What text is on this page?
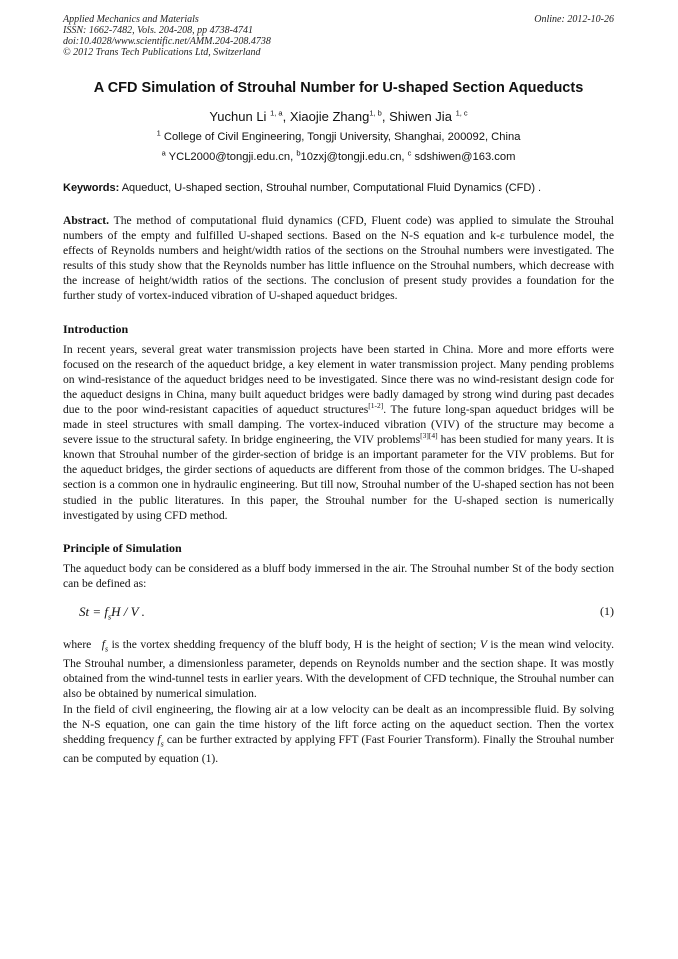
Applied Mechanics and Materials
ISSN: 1662-7482, Vols. 204-208, pp 4738-4741
doi:10.4028/www.scientific.net/AMM.204-208.4738
© 2012 Trans Tech Publications Ltd, Switzerland
Online: 2012-10-26
A CFD Simulation of Strouhal Number for U-shaped Section Aqueducts
Yuchun Li $^{1, a}$, Xiaojie Zhang$^{1, b}$, Shiwen Jia $^{1, c}$
$^1$ College of Civil Engineering, Tongji University, Shanghai, 200092, China
$^a$ YCL2000@tongji.edu.cn, $^b$10zxj@tongji.edu.cn, $^c$ sdshiwen@163.com
Keywords: Aqueduct, U-shaped section, Strouhal number, Computational Fluid Dynamics (CFD) .
Abstract. The method of computational fluid dynamics (CFD, Fluent code) was applied to simulate the Strouhal numbers of the empty and fulfilled U-shaped sections. Based on the N-S equation and k-ε turbulence model, the effects of Reynolds numbers and height/width ratios of the sections on the Strouhal numbers were investigated. The results of this study show that the Reynolds number has little influence on the Strouhal numbers, which decrease with the increase of height/width ratios of the sections. The conclusion of present study provides a foundation for the further study of vortex-induced vibration of U-shaped aqueduct bridges.
Introduction
In recent years, several great water transmission projects have been started in China. More and more efforts were focused on the research of the aqueduct bridge, a key element in water transmission project. Many pending problems on wind-resistance of the aqueduct bridges need to be investigated. Since there was no wind-resistant design code for the aqueduct designs in China, many built aqueduct bridges were badly damaged by strong wind during past decades due to the poor wind-resistant capacities of aqueduct structures[1-2]. The future long-span aqueduct bridges will be made in steel structures with small damping. The vortex-induced vibration (VIV) of the structure may become a severe issue to the structural safety. In bridge engineering, the VIV problems[3][4] has been studied for many years. It is known that Strouhal number of the girder-section of bridge is an important parameter for the VIV problems. But for the aqueduct bridges, the girder sections of aqueducts are different from those of the common bridges. The U-shaped section is a common one in hydraulic engineering. But till now, Strouhal number of the U-shaped section has not been studied in the public literatures. In this paper, the Strouhal number for the U-shaped section is numerically investigated by using CFD method.
Principle of Simulation
The aqueduct body can be considered as a bluff body immersed in the air. The Strouhal number St of the body section can be defined as:
$St = f_sH / V$ .	(1)
where   $f_s$ is the vortex shedding frequency of the bluff body, H is the height of section; V is the mean wind velocity. The Strouhal number, a dimensionless parameter, depends on Reynolds number and the section shape. It was mostly obtained from the wind-tunnel tests in earlier years. With the development of CFD technique, the Strouhal number can also be obtained by numerical simulation.
In the field of civil engineering, the flowing air at a low velocity can be dealt as an incompressible fluid. By solving the N-S equation, one can gain the time history of the lift force acting on the aqueduct section. Then the vortex shedding frequency $f_s$ can be further extracted by applying FFT (Fast Fourier Transform). Finally the Strouhal number can be computed by equation (1).
